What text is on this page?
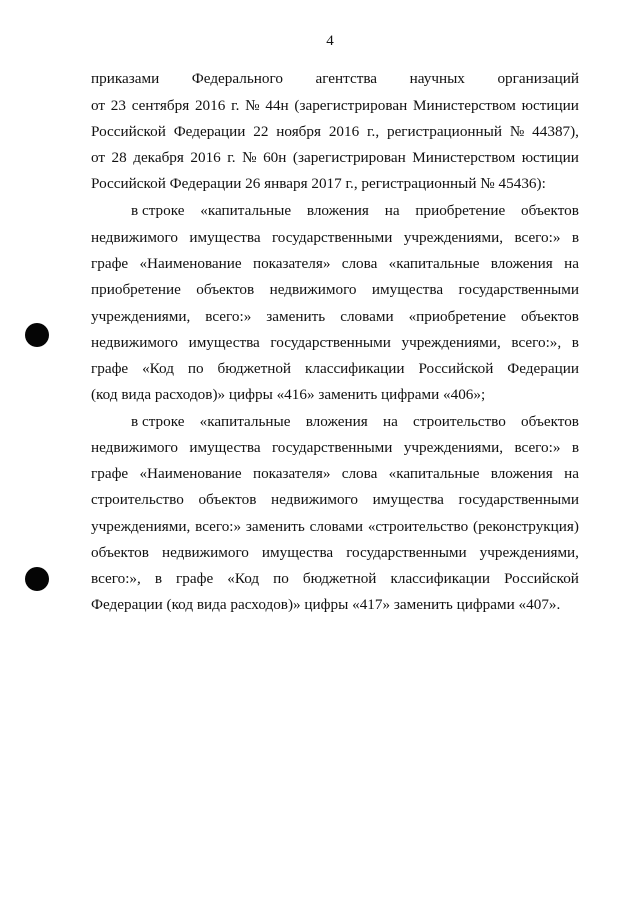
4
приказами Федерального агентства научных организаций
от 23 сентября 2016 г. № 44н (зарегистрирован Министерством юстиции
Российской Федерации 22 ноября 2016 г., регистрационный № 44387),
от 28 декабря 2016 г. № 60н (зарегистрирован Министерством юстиции
Российской Федерации 26 января 2017 г., регистрационный № 45436):
в строке «капитальные вложения на приобретение объектов
недвижимого имущества государственными учреждениями, всего:» в
графе «Наименование показателя» слова «капитальные вложения на
приобретение объектов недвижимого имущества государственными
учреждениями, всего:» заменить словами «приобретение объектов
недвижимого имущества государственными учреждениями, всего:», в
графе «Код по бюджетной классификации Российской Федерации
(код вида расходов)» цифры «416» заменить цифрами «406»;
в строке «капитальные вложения на строительство объектов
недвижимого имущества государственными учреждениями, всего:» в
графе «Наименование показателя» слова «капитальные вложения на
строительство объектов недвижимого имущества государственными
учреждениями, всего:» заменить словами «строительство (реконструкция)
объектов недвижимого имущества государственными учреждениями,
всего:», в графе «Код по бюджетной классификации Российской
Федерации (код вида расходов)» цифры «417» заменить цифрами «407».
